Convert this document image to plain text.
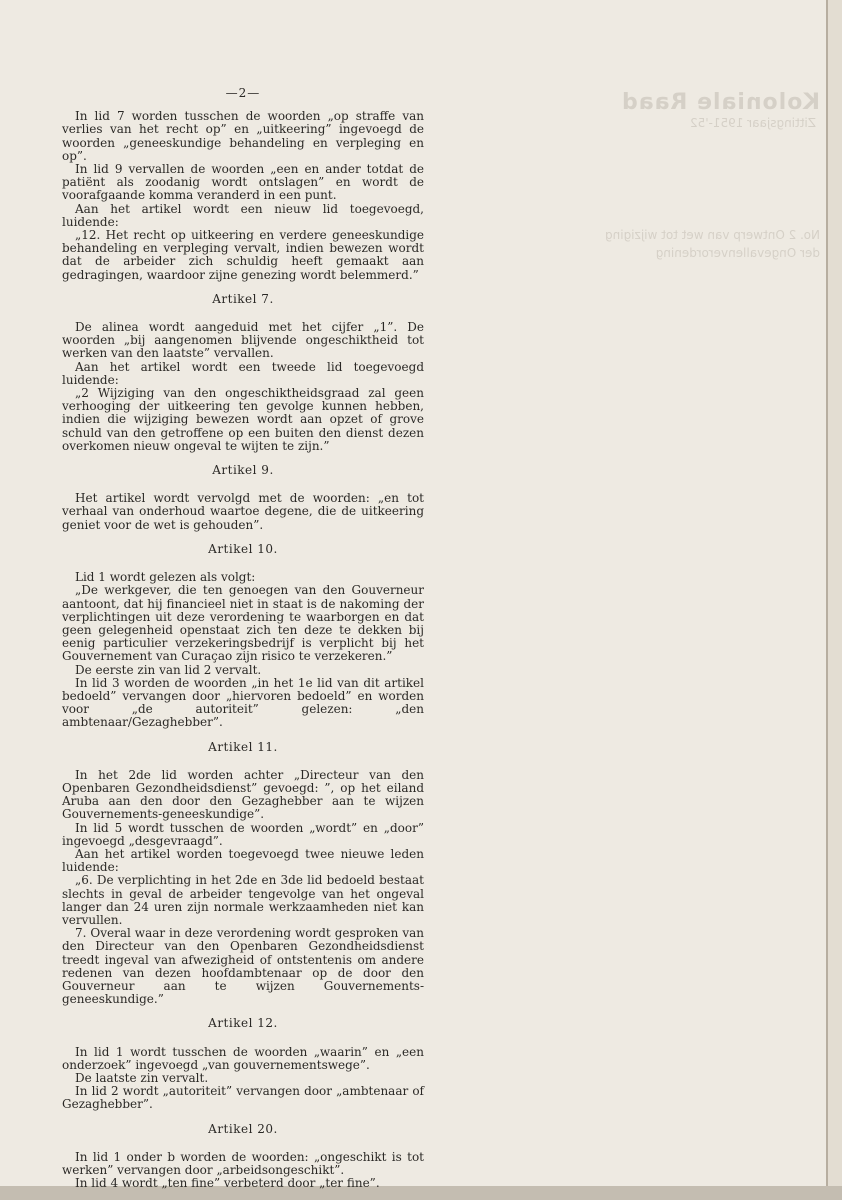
Koloniale Raad
Zittingsjaar 1951-'52
No. 2 Ontwerp van wet tot wijziging
der Ongevallenverordening
—2—

In lid 7 worden tusschen de woorden „op straffe van verlies van het recht op” en „uitkeering” ingevoegd de woorden „geneeskundige behandeling en verpleging en op”.

In lid 9 vervallen de woorden „een en ander totdat de patiënt als zoodanig wordt ontslagen” en wordt de voorafgaande komma veranderd in een punt.

Aan het artikel wordt een nieuw lid toegevoegd, luidende:

„12. Het recht op uitkeering en verdere geneeskundige behandeling en verpleging vervalt, indien bewezen wordt dat de arbeider zich schuldig heeft gemaakt aan gedragingen, waardoor zijne genezing wordt belemmerd.”

Artikel 7.

De alinea wordt aangeduid met het cijfer „1”. De woorden „bij aangenomen blijvende ongeschiktheid tot werken van den laatste” vervallen.

Aan het artikel wordt een tweede lid toegevoegd luidende:

„2 Wijziging van den ongeschiktheidsgraad zal geen verhooging der uitkeering ten gevolge kunnen hebben, indien die wijziging bewezen wordt aan opzet of grove schuld van den getroffene op een buiten den dienst dezen overkomen nieuw ongeval te wijten te zijn.”

Artikel 9.

Het artikel wordt vervolgd met de woorden: „en tot verhaal van onderhoud waartoe degene, die de uitkeering geniet voor de wet is gehouden”.

Artikel 10.

Lid 1 wordt gelezen als volgt:

„De werkgever, die ten genoegen van den Gouverneur aantoont, dat hij financieel niet in staat is de nakoming der verplichtingen uit deze verordening te waarborgen en dat geen gelegenheid openstaat zich ten deze te dekken bij eenig particulier verzekeringsbedrijf is verplicht bij het Gouvernement van Curaçao zijn risico te verzekeren.”

De eerste zin van lid 2 vervalt.

In lid 3 worden de woorden „in het 1e lid van dit artikel bedoeld” vervangen door „hiervoren bedoeld” en worden voor „de autoriteit” gelezen: „den ambtenaar/Gezaghebber”.

Artikel 11.

In het 2de lid worden achter „Directeur van den Openbaren Gezondheidsdienst” gevoegd: ”, op het eiland Aruba aan den door den Gezaghebber aan te wijzen Gouvernements-geneeskundige”.

In lid 5 wordt tusschen de woorden „wordt” en „door” ingevoegd „desgevraagd”.

Aan het artikel worden toegevoegd twee nieuwe leden luidende:

„6. De verplichting in het 2de en 3de lid bedoeld bestaat slechts in geval de arbeider tengevolge van het ongeval langer dan 24 uren zijn normale werkzaamheden niet kan vervullen.

7. Overal waar in deze verordening wordt gesproken van den Directeur van den Openbaren Gezondheidsdienst treedt ingeval van afwezigheid of ontstentenis om andere redenen van dezen hoofdambtenaar op de door den Gouverneur aan te wijzen Gouvernements-geneeskundige.”

Artikel 12.

In lid 1 wordt tusschen de woorden „waarin” en „een onderzoek” ingevoegd „van gouvernementswege”.

De laatste zin vervalt.

In lid 2 wordt „autoriteit” vervangen door „ambtenaar of Gezaghebber”.

Artikel 20.

In lid 1 onder b worden de woorden: „ongeschikt is tot werken” vervangen door „arbeidsongeschikt”.

In lid 4 wordt „ten fine” verbeterd door „ter fine”.
